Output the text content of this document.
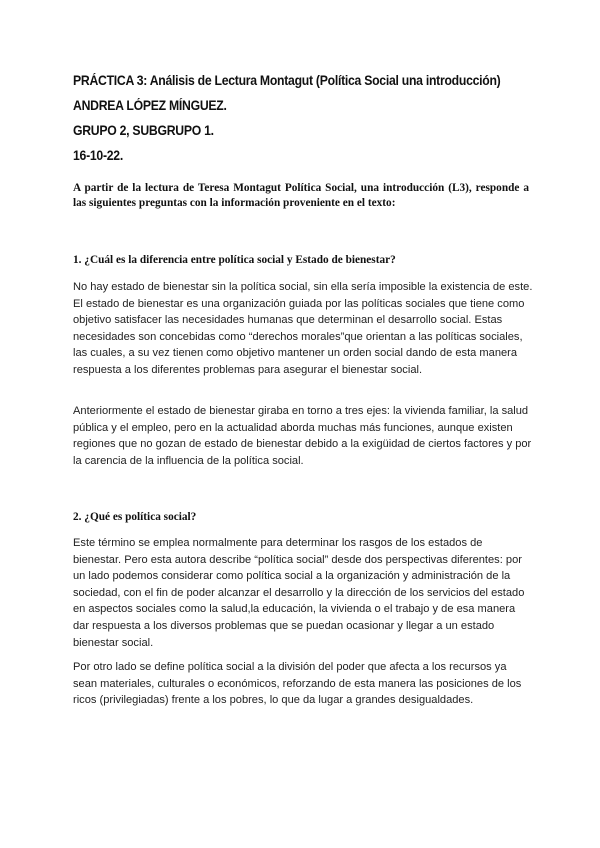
PRÁCTICA 3: Análisis de Lectura Montagut (Política Social una introducción)
ANDREA LÓPEZ MÍNGUEZ.
GRUPO 2, SUBGRUPO 1.
16-10-22.
A partir de la lectura de Teresa Montagut Política Social, una introducción (L3), responde a las siguientes preguntas con la información proveniente en el texto:
1. ¿Cuál es la diferencia entre política social y Estado de bienestar?
No hay estado de bienestar sin la política social, sin ella sería imposible la existencia de este. El estado de bienestar es una organización guiada por las políticas sociales que tiene como objetivo satisfacer las necesidades humanas que determinan el desarrollo social. Estas necesidades son concebidas como “derechos morales”que orientan a las políticas sociales, las cuales, a su vez tienen como objetivo mantener un orden social dando de esta manera respuesta a los diferentes problemas para asegurar el bienestar social.
Anteriormente el estado de bienestar giraba en torno a tres ejes: la vivienda familiar, la salud pública y el empleo, pero en la actualidad aborda muchas más funciones, aunque existen regiones que no gozan de estado de bienestar debido a la exigüidad de ciertos factores y por la carencia de la influencia de la política social.
2. ¿Qué es política social?
Este término se emplea normalmente para determinar los rasgos de los estados de bienestar. Pero esta autora describe “política social” desde dos perspectivas diferentes: por un lado podemos considerar como política social a la organización y administración de la sociedad, con el fin de poder alcanzar el desarrollo y la dirección de los servicios del estado en aspectos sociales como la salud,la educación, la vivienda o el trabajo y de esa manera dar respuesta a los diversos problemas que se puedan ocasionar y llegar a un estado bienestar social.
Por otro lado se define política social a la división del poder que afecta a los recursos ya sean materiales, culturales o económicos, reforzando de esta manera las posiciones de los ricos (privilegiadas) frente a los pobres, lo que da lugar a grandes desigualdades.
